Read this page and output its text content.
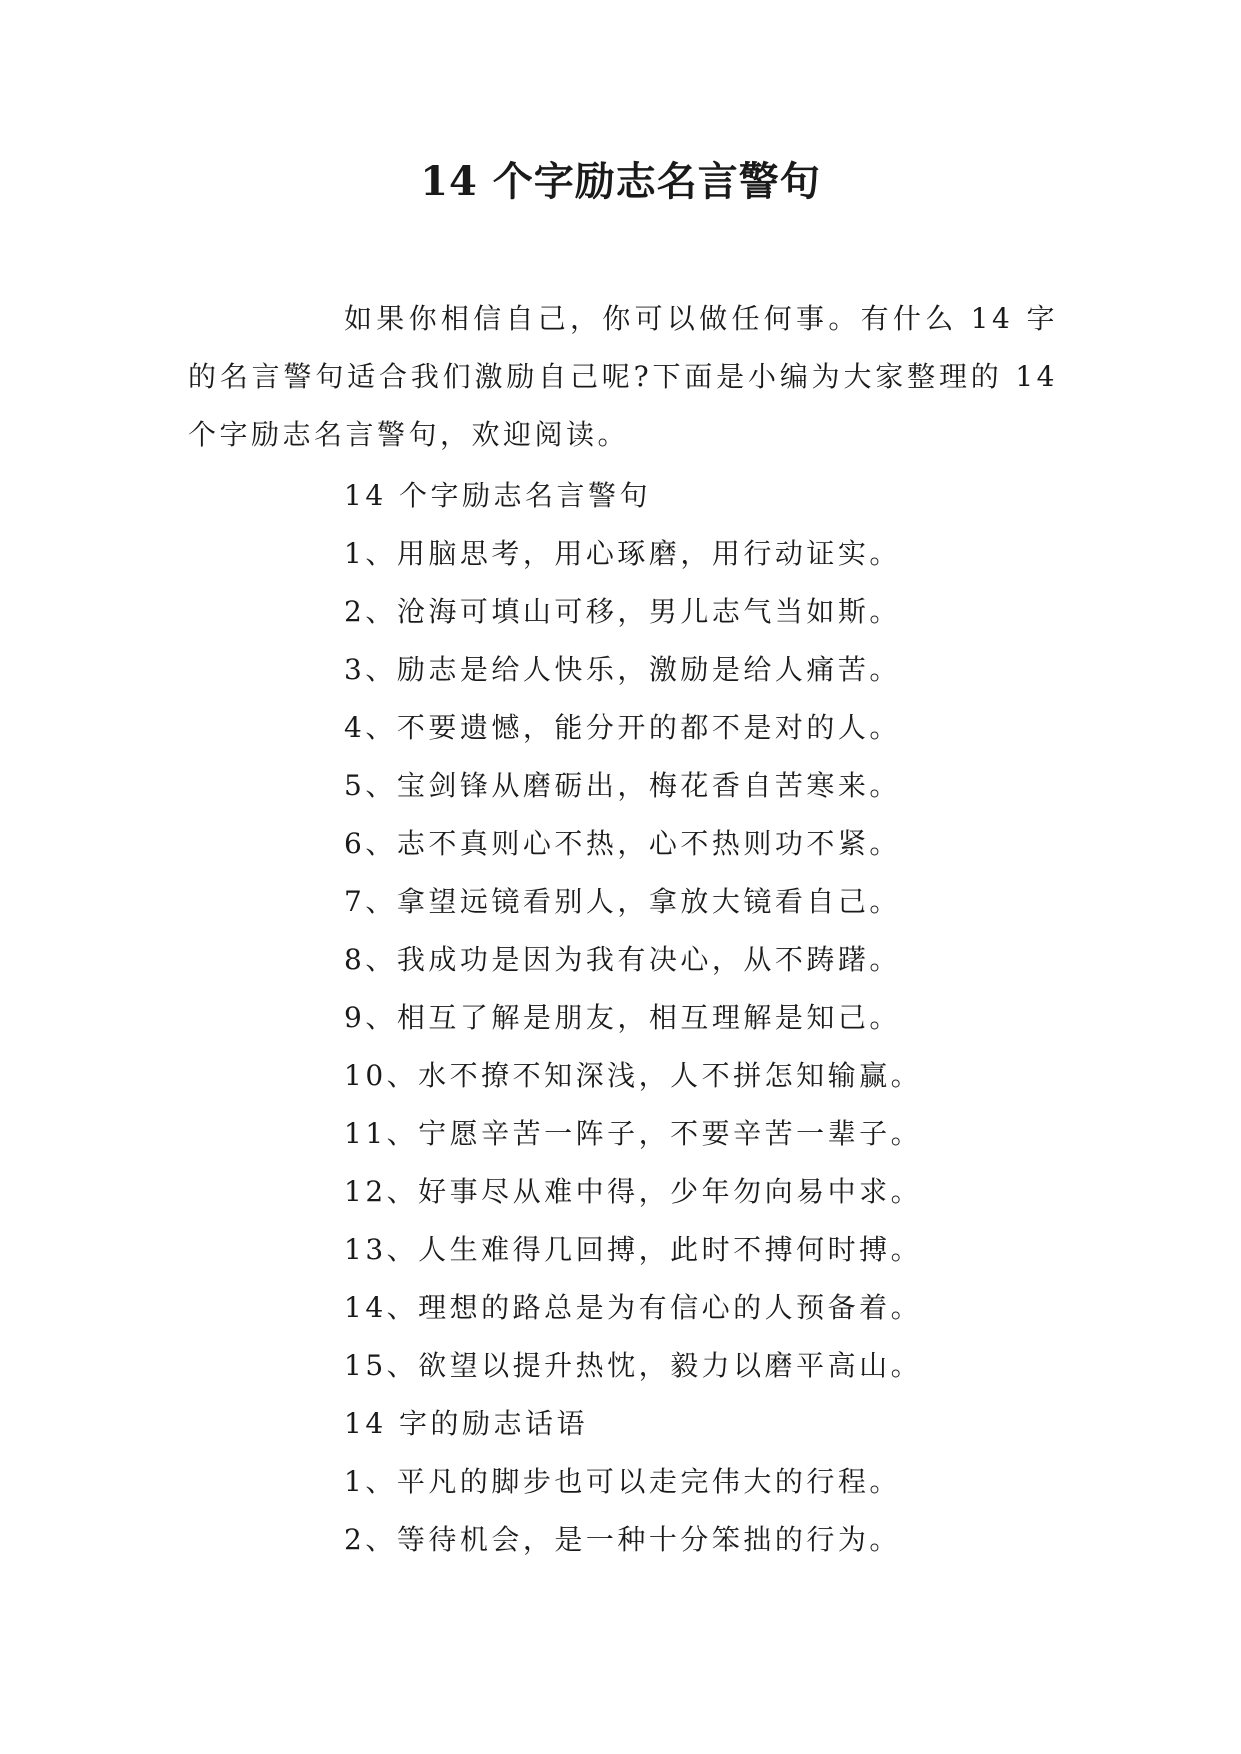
14 个字励志名言警句

如果你相信自己，你可以做任何事。有什么 14 字的名言警句适合我们激励自己呢?下面是小编为大家整理的 14 个字励志名言警句，欢迎阅读。

14 个字励志名言警句
1、用脑思考，用心琢磨，用行动证实。
2、沧海可填山可移，男儿志气当如斯。
3、励志是给人快乐，激励是给人痛苦。
4、不要遗憾，能分开的都不是对的人。
5、宝剑锋从磨砺出，梅花香自苦寒来。
6、志不真则心不热，心不热则功不紧。
7、拿望远镜看别人，拿放大镜看自己。
8、我成功是因为我有决心，从不踌躇。
9、相互了解是朋友，相互理解是知己。
10、水不撩不知深浅，人不拼怎知输赢。
11、宁愿辛苦一阵子，不要辛苦一辈子。
12、好事尽从难中得，少年勿向易中求。
13、人生难得几回搏，此时不搏何时搏。
14、理想的路总是为有信心的人预备着。
15、欲望以提升热忱，毅力以磨平高山。
14 字的励志话语
1、平凡的脚步也可以走完伟大的行程。
2、等待机会，是一种十分笨拙的行为。
